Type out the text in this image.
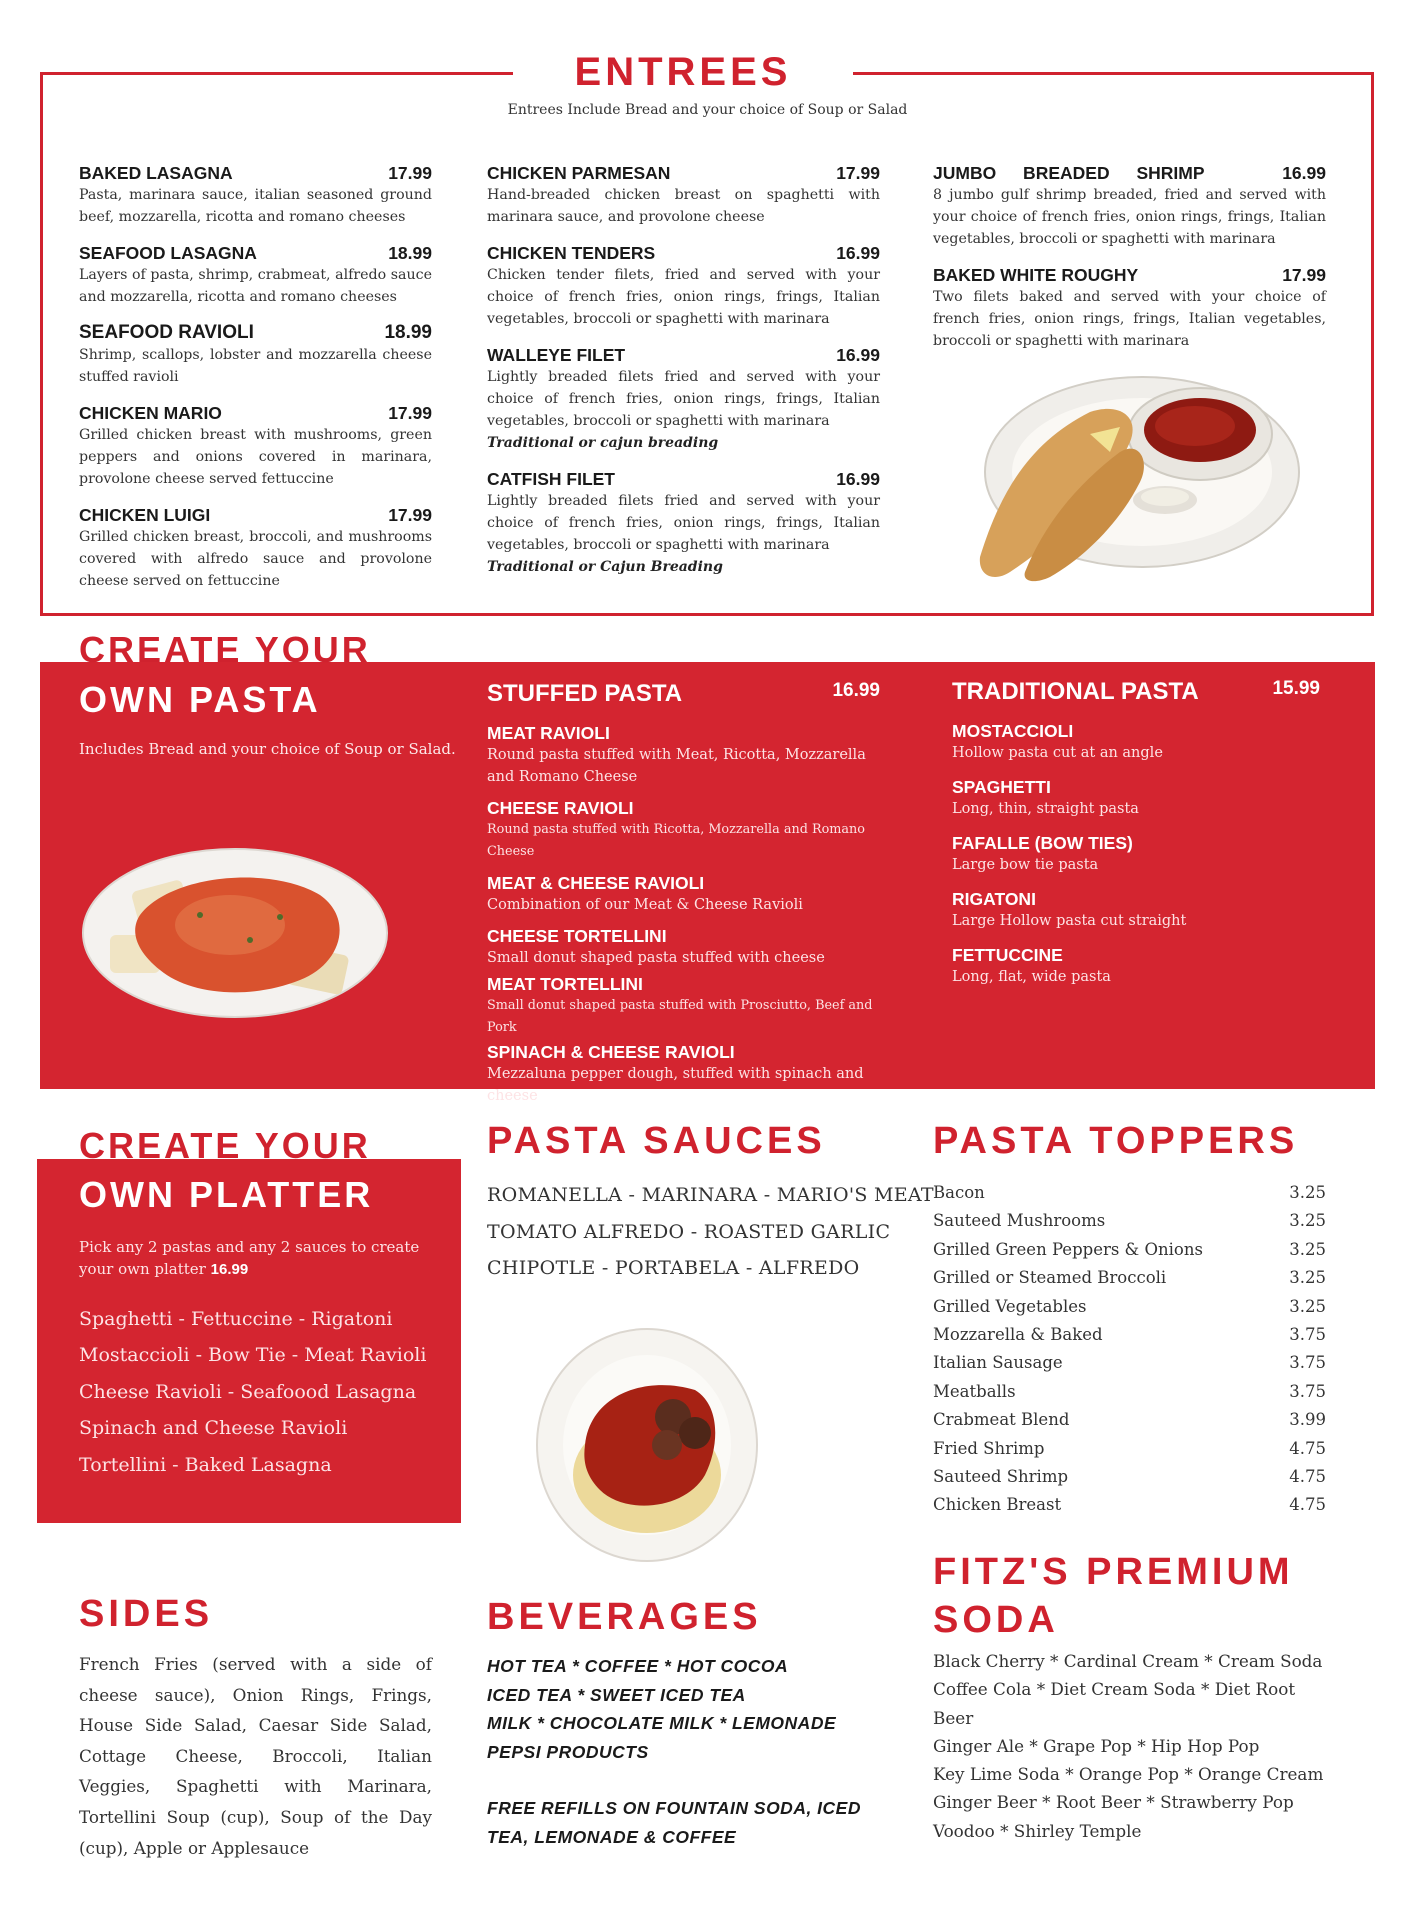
ENTREES
Entrees Include Bread and your choice of Soup or Salad
BAKED LASAGNA	17.99
Pasta, marinara sauce, italian seasoned ground beef, mozzarella, ricotta and romano cheeses
SEAFOOD LASAGNA	18.99
Layers of pasta, shrimp, crabmeat, alfredo sauce and mozzarella, ricotta and romano cheeses
SEAFOOD RAVIOLI	18.99
Shrimp, scallops, lobster and mozzarella cheese stuffed ravioli
CHICKEN MARIO	17.99
Grilled chicken breast with mushrooms, green peppers and onions covered in marinara, provolone cheese served fettuccine
CHICKEN LUIGI	17.99
Grilled chicken breast, broccoli, and mushrooms covered with alfredo sauce and provolone cheese served on fettuccine
CHICKEN PARMESAN	17.99
Hand-breaded chicken breast on spaghetti with marinara sauce, and provolone cheese
CHICKEN TENDERS	16.99
Chicken tender filets, fried and served with your choice of french fries, onion rings, frings, Italian vegetables, broccoli or spaghetti with marinara
WALLEYE FILET	16.99
Lightly breaded filets fried and served with your choice of french fries, onion rings, frings, Italian vegetables, broccoli or spaghetti with marinara
Traditional or cajun breading
CATFISH FILET	16.99
Lightly breaded filets fried and served with your choice of french fries, onion rings, frings, Italian vegetables, broccoli or spaghetti with marinara
Traditional or Cajun Breading
JUMBO BREADED SHRIMP	16.99
8 jumbo gulf shrimp breaded, fried and served with your choice of french fries, onion rings, frings, Italian vegetables, broccoli or spaghetti with marinara
BAKED WHITE ROUGHY	17.99
Two filets baked and served with your choice of french fries, onion rings, frings, Italian vegetables, broccoli or spaghetti with marinara
CREATE YOUR
OWN PASTA
Includes Bread and your choice of Soup or Salad.
STUFFED PASTA	16.99
MEAT RAVIOLI
Round pasta stuffed with Meat, Ricotta, Mozzarella and Romano Cheese
CHEESE RAVIOLI
Round pasta stuffed with Ricotta, Mozzarella and Romano Cheese
MEAT & CHEESE RAVIOLI
Combination of our Meat & Cheese Ravioli
CHEESE TORTELLINI
Small donut shaped pasta stuffed with cheese
MEAT TORTELLINI
Small donut shaped pasta stuffed with Prosciutto, Beef and Pork
SPINACH & CHEESE RAVIOLI
Mezzaluna pepper dough, stuffed with spinach and cheese
TRADITIONAL PASTA	15.99
MOSTACCIOLI
Hollow pasta cut at an angle
SPAGHETTI
Long, thin, straight pasta
FAFALLE (BOW TIES)
Large bow tie pasta
RIGATONI
Large Hollow pasta cut straight
FETTUCCINE
Long, flat, wide pasta
CREATE YOUR
OWN PLATTER
Pick any 2 pastas and any 2 sauces to create your own platter 16.99
Spaghetti - Fettuccine - Rigatoni
Mostaccioli - Bow Tie - Meat Ravioli
Cheese Ravioli - Seafoood Lasagna
Spinach and Cheese Ravioli
Tortellini - Baked Lasagna
PASTA SAUCES
ROMANELLA - MARINARA - MARIO'S MEAT
TOMATO ALFREDO - ROASTED GARLIC
CHIPOTLE - PORTABELA - ALFREDO
PASTA TOPPERS
Bacon	3.25
Sauteed Mushrooms	3.25
Grilled Green Peppers & Onions	3.25
Grilled or Steamed Broccoli	3.25
Grilled Vegetables	3.25
Mozzarella & Baked	3.75
Italian Sausage	3.75
Meatballs	3.75
Crabmeat Blend	3.99
Fried Shrimp	4.75
Sauteed Shrimp	4.75
Chicken Breast	4.75
SIDES
French Fries (served with a side of cheese sauce), Onion Rings, Frings, House Side Salad, Caesar Side Salad, Cottage Cheese, Broccoli, Italian Veggies, Spaghetti with Marinara, Tortellini Soup (cup), Soup of the Day (cup), Apple or Applesauce
BEVERAGES
HOT TEA * COFFEE * HOT COCOA
ICED TEA * SWEET ICED TEA
MILK * CHOCOLATE MILK * LEMONADE
PEPSI PRODUCTS
FREE REFILLS ON FOUNTAIN SODA, ICED
TEA, LEMONADE & COFFEE
FITZ'S PREMIUM
SODA
Black Cherry * Cardinal Cream * Cream Soda
Coffee Cola * Diet Cream Soda * Diet Root Beer
Ginger Ale * Grape Pop * Hip Hop Pop
Key Lime Soda * Orange Pop * Orange Cream
Ginger Beer * Root Beer * Strawberry Pop
Voodoo * Shirley Temple
